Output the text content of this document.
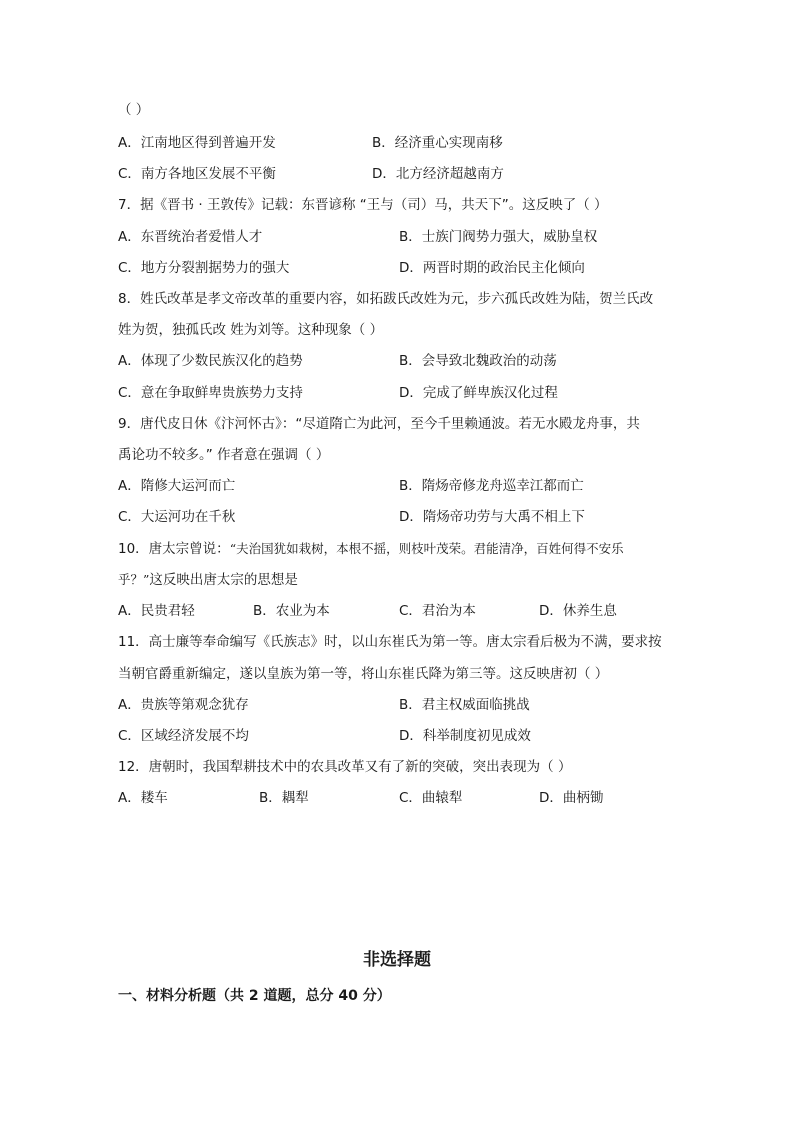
（ ）
A．江南地区得到普遍开发	B．经济重心实现南移
C．南方各地区发展不平衡	D．北方经济超越南方
7．据《晋书 · 王敦传》记载：东晋谚称 “王与（司）马，共天下”。这反映了（ ）
A．东晋统治者爱惜人才	B．士族门阀势力强大，威胁皇权
C．地方分裂割据势力的强大	D．两晋时期的政治民主化倾向
8．姓氏改革是孝文帝改革的重要内容，如拓跋氏改姓为元，步六孤氏改姓为陆，贺兰氏改
姓为贺，独孤氏改 姓为刘等。这种现象（ ）
A．体现了少数民族汉化的趋势	B．会导致北魏政治的动荡
C．意在争取鲜卑贵族势力支持	D．完成了鲜卑族汉化过程
9．唐代皮日休《汴河怀古》：“尽道隋亡为此河，至今千里赖通波。若无水殿龙舟事，共
禹论功不较多。” 作者意在强调（ ）
A．隋修大运河而亡	B．隋炀帝修龙舟巡幸江都而亡
C．大运河功在千秋	D．隋炀帝功劳与大禹不相上下
10．唐太宗曾说：“夫治国犹如栽树，本根不摇，则枝叶茂荣。君能清净，百姓何得不安乐
乎？”这反映出唐太宗的思想是
A．民贵君轻	B．农业为本	C．君治为本	D．休养生息
11．高士廉等奉命编写《氏族志》时，以山东崔氏为第一等。唐太宗看后极为不满，要求按
当朝官爵重新编定，遂以皇族为第一等，将山东崔氏降为第三等。这反映唐初（ ）
A．贵族等第观念犹存	B．君主权威面临挑战
C．区域经济发展不均	D．科举制度初见成效
12．唐朝时，我国犁耕技术中的农具改革又有了新的突破，突出表现为（ ）
A．耧车	B．耦犁	C．曲辕犁	D．曲柄锄
非选择题
一、材料分析题（共 2 道题，总分 40 分）
